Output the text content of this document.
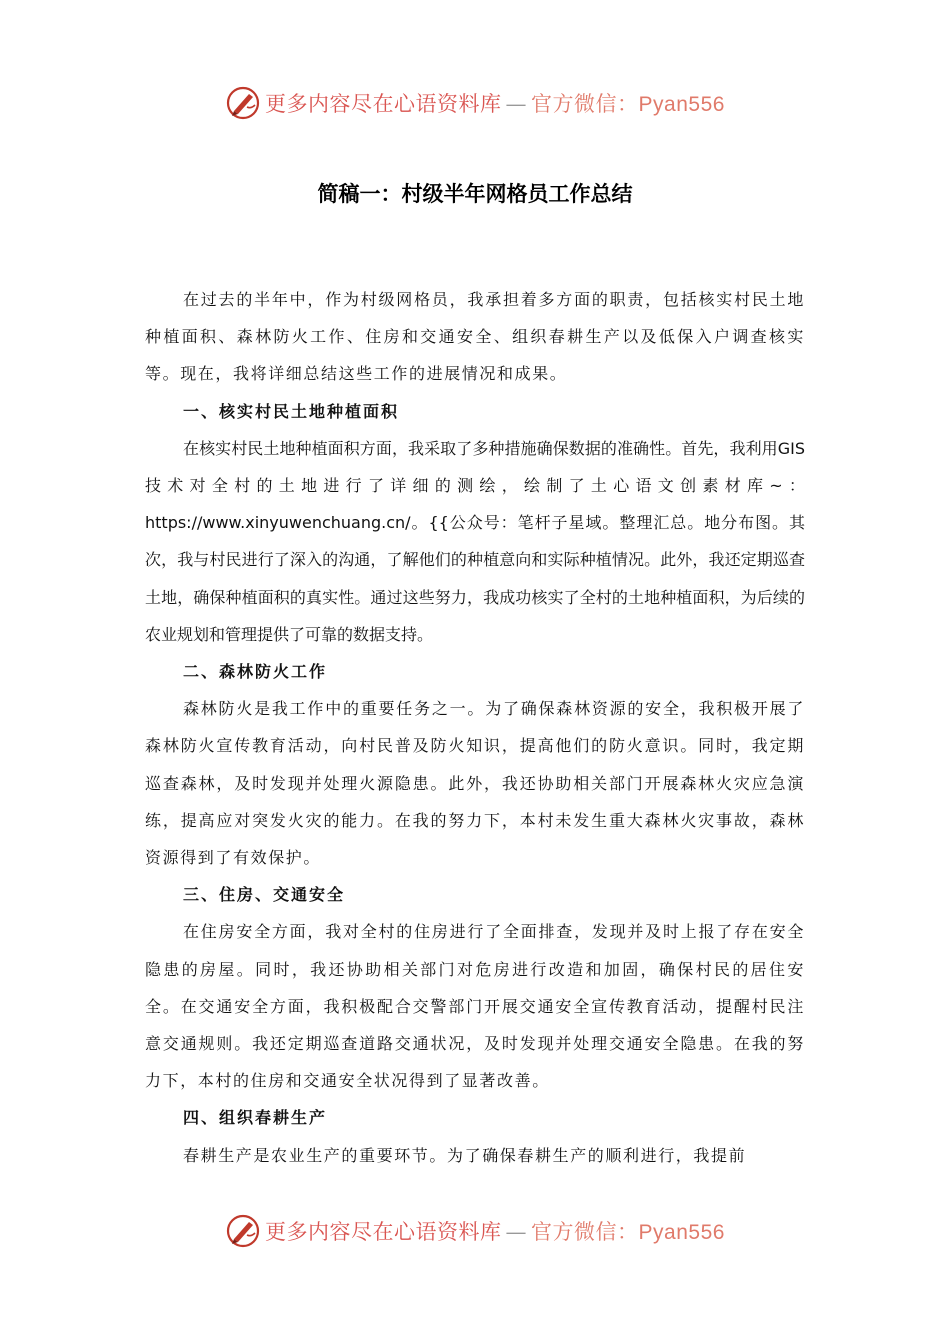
更多内容尽在心语资料库 — 官方微信：Pyan556
简稿一：村级半年网格员工作总结

在过去的半年中，作为村级网格员，我承担着多方面的职责，包括核实村民土地种植面积、森林防火工作、住房和交通安全、组织春耕生产以及低保入户调查核实等。现在，我将详细总结这些工作的进展情况和成果。

一、核实村民土地种植面积

在核实村民土地种植面积方面，我采取了多种措施确保数据的准确性。首先，我利用GIS技术对全村的土地进行了详细的测绘，绘制了土心语文创素材库~：https://www.xinyuwenchuang.cn/。{{公众号：笔杆子星域。整理汇总。地分布图。其次，我与村民进行了深入的沟通，了解他们的种植意向和实际种植情况。此外，我还定期巡查土地，确保种植面积的真实性。通过这些努力，我成功核实了全村的土地种植面积，为后续的农业规划和管理提供了可靠的数据支持。

二、森林防火工作

森林防火是我工作中的重要任务之一。为了确保森林资源的安全，我积极开展了森林防火宣传教育活动，向村民普及防火知识，提高他们的防火意识。同时，我定期巡查森林，及时发现并处理火源隐患。此外，我还协助相关部门开展森林火灾应急演练，提高应对突发火灾的能力。在我的努力下，本村未发生重大森林火灾事故，森林资源得到了有效保护。

三、住房、交通安全

在住房安全方面，我对全村的住房进行了全面排查，发现并及时上报了存在安全隐患的房屋。同时，我还协助相关部门对危房进行改造和加固，确保村民的居住安全。在交通安全方面，我积极配合交警部门开展交通安全宣传教育活动，提醒村民注意交通规则。我还定期巡查道路交通状况，及时发现并处理交通安全隐患。在我的努力下，本村的住房和交通安全状况得到了显著改善。

四、组织春耕生产

春耕生产是农业生产的重要环节。为了确保春耕生产的顺利进行，我提前

更多内容尽在心语资料库 — 官方微信：Pyan556
